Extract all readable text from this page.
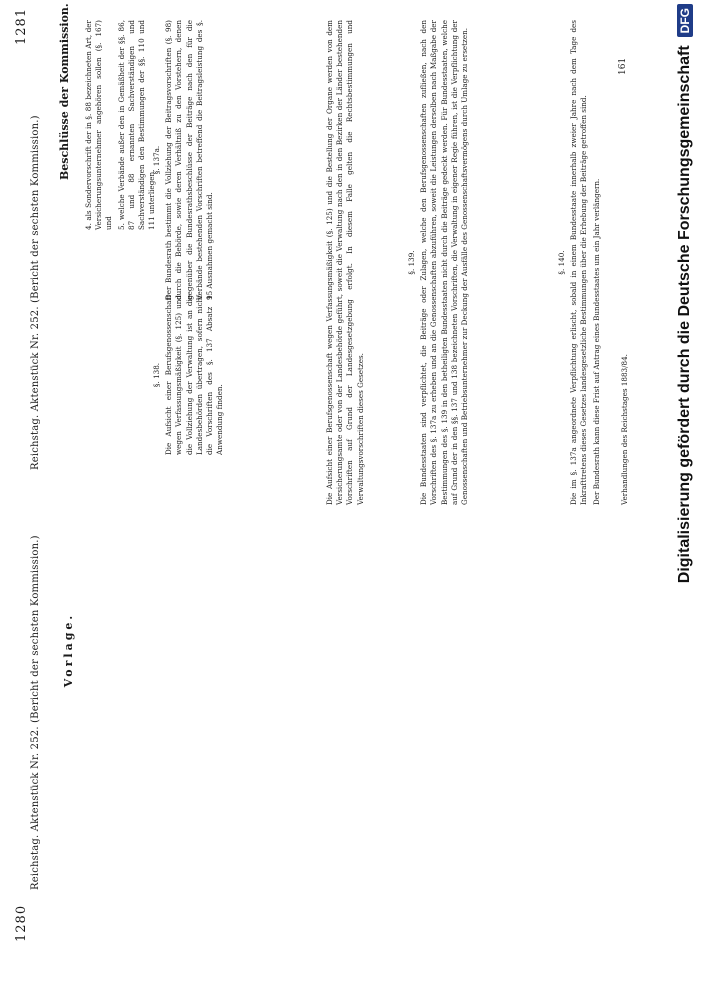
1280
1281
Reichstag. Aktenstück Nr. 252. (Bericht der sechsten Kommission.)
Reichstag. Aktenstück Nr. 252. (Bericht der sechsten Kommission.)
Vorlage.
Beschlüsse der Kommission. 4. als Sondervorschrift der in §. 88 bezeichneten Art, der Versicherungsunternehmer angehören sollen (§. 167) und 5. welche Verbände außer den in Gemäßheit der §§. 86, 87 und 88 ernannten Sachverständigen und Sachverständigen den Bestimmungen der §§. 110 und 111 unterliegen.
§. 137a. Der Bundesrath bestimmt die Vollziehung der Beitragsvorschriften (§. 98) durch die Behörde, sowie deren Verhältniß zu den Vorstehern, denen gegenüber die Bundesrathsbeschlüsse der Beiträge nach den für die Verbände bestehenden Vorschriften betreffend die Beitragsleistung des §. 95 Ausnahmen gemacht sind.
§. 138. Die Aufsicht einer Berufsgenossenschaft wegen Verfassungsmäßigkeit (§. 125) und die Vollziehung der Verwaltung ist an die Landesbehörden übertragen, sofern nicht die Vorschriften des §. 137 Absatz 1 Anwendung finden.	Die Aufsicht einer Berufsgenossenschaft wegen Verfassungsmäßigkeit (§. 125) und die Bestellung der Organe werden von dem Versicherungsamte oder von der Landesbehörde geführt, soweit die Verwaltung nach den in den Bezirken der Länder bestehenden Vorschriften auf Grund der Landesgesetzgebung erfolgt. In diesem Falle gelten die Rechtsbestimmungen und Verwaltungsvorschriften dieses Gesetzes.
§. 139. Die Bundesstaaten sind verpflichtet, die Beiträge oder Zulagen, welche den Berufsgenossenschaften zufließen, nach den Vorschriften des §. 137a zu erheben und an die Genossenschaften abzuführen, soweit die Leistungen derselben nach Maßgabe der Bestimmungen des §. 139 in den betheiligten Bundesstaaten nicht durch die Beiträge gedeckt werden. Für Bundesstaaten, welche auf Grund der in den §§. 137 und 138 bezeichneten Vorschriften, die Verwaltung in eigener Regie führen, ist die Verpflichtung der Genossenschaften und Betriebsunternehmer zur Deckung der Ausfälle des Genossenschaftsvermögens durch Umlage zu ersetzen.	§. 140. Die im §. 137a angeordnete Verpflichtung erlischt, sobald in einem Bundesstaate innerhalb zweier Jahre nach dem Tage des Inkrafttretens dieses Gesetzes landesgesetzliche Bestimmungen über die Erhebung der Beiträge getroffen sind. Der Bundesrath kann diese Frist auf Antrag eines Bundesstaates um ein Jahr verlängern.	Verhandlungen des Reichstages 1883/84.
161	Digitalisierung gefördert durch die Deutsche Forschungsgemeinschaft
DFG
